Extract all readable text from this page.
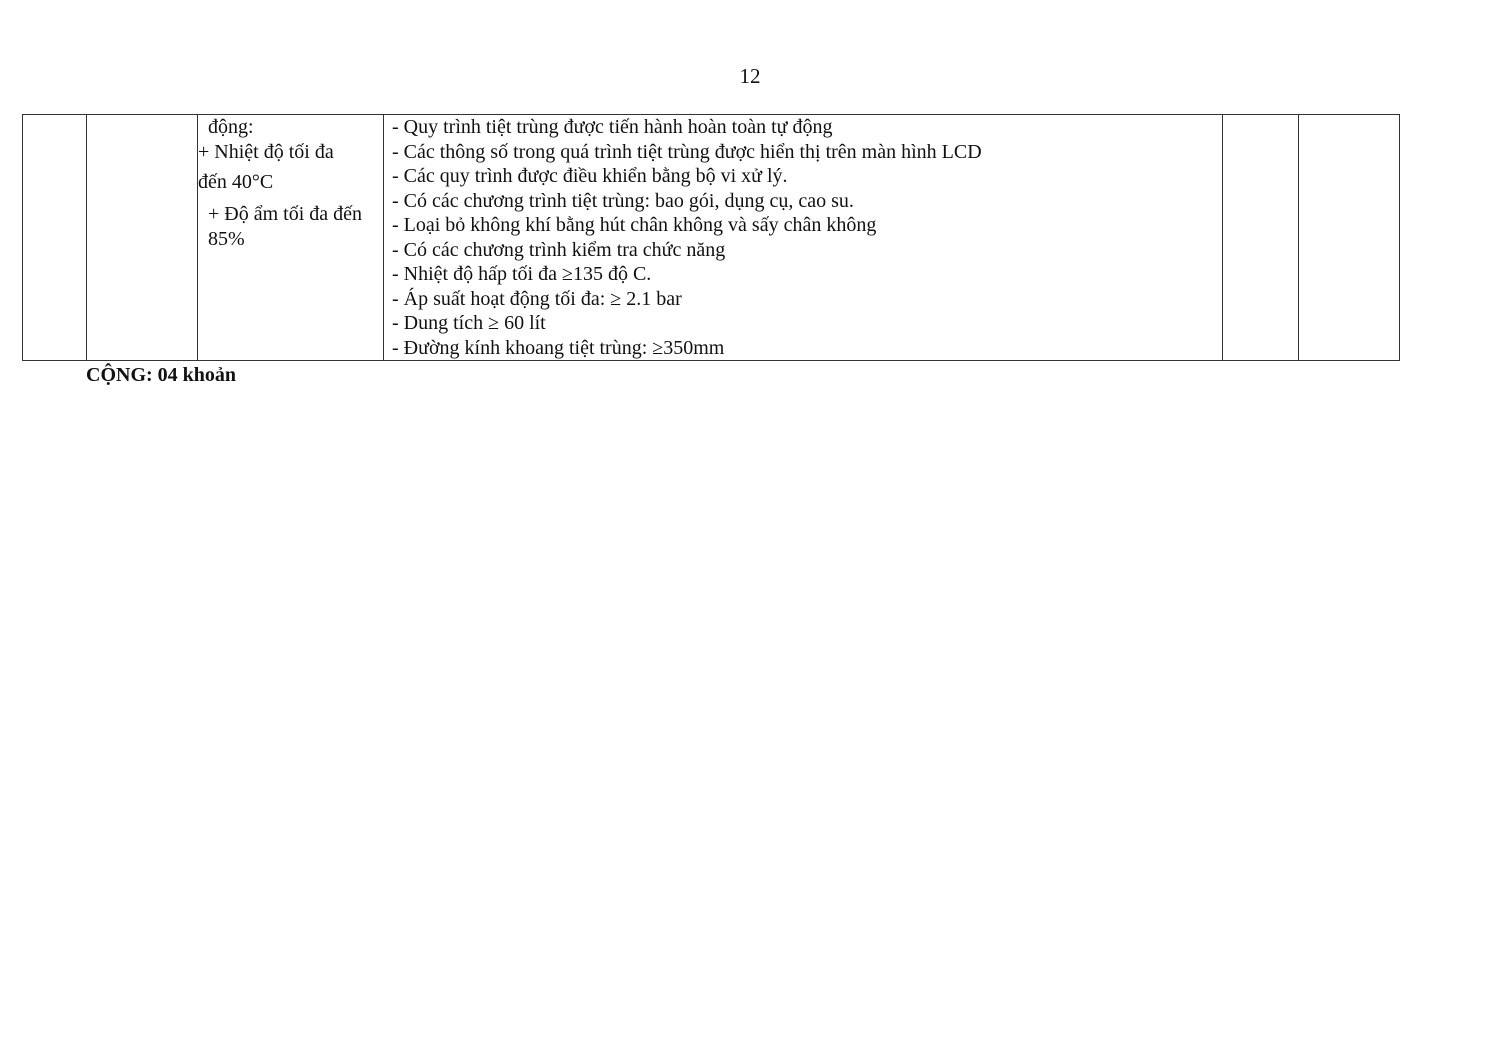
12

động:
+ Nhiệt độ tối đa
đến 40°C
+ Độ ẩm tối đa đến
85%

- Quy trình tiệt trùng được tiến hành hoàn toàn tự động
- Các thông số trong quá trình tiệt trùng được hiển thị trên màn hình LCD
- Các quy trình được điều khiển bằng bộ vi xử lý.
- Có các chương trình tiệt trùng: bao gói, dụng cụ, cao su.
- Loại bỏ không khí bằng hút chân không và sấy chân không
- Có các chương trình kiểm tra chức năng
- Nhiệt độ hấp tối đa ≥135 độ C.
- Áp suất hoạt động tối đa: ≥ 2.1 bar
- Dung tích ≥ 60 lít
- Đường kính khoang tiệt trùng: ≥350mm

CỘNG: 04 khoản
